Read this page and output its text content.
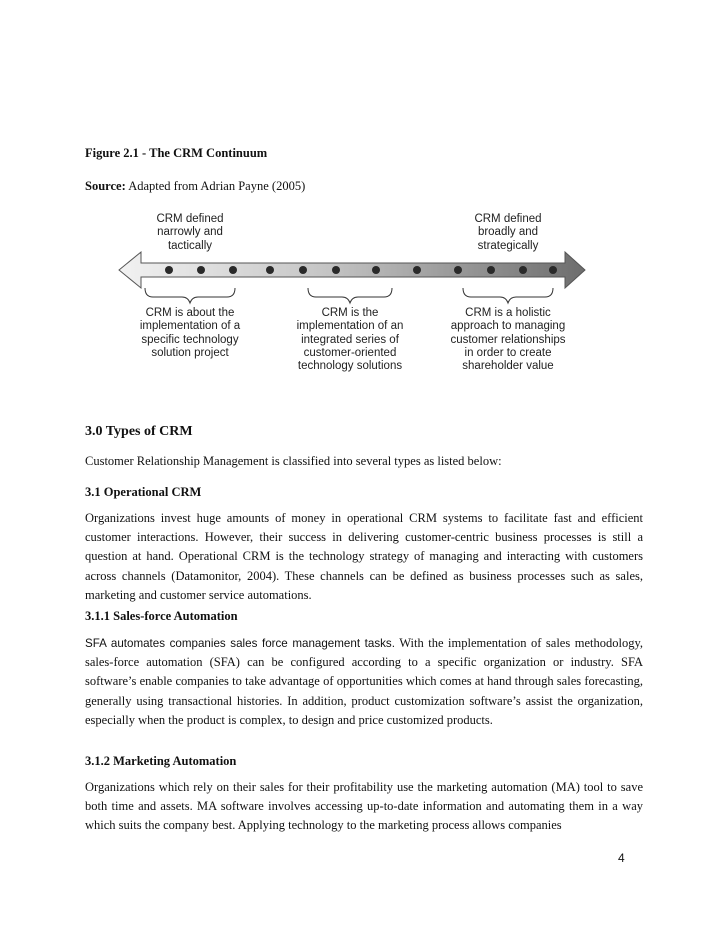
Figure 2.1 - The CRM Continuum
Source: Adapted from Adrian Payne (2005)
CRM defined
narrowly and
tactically
CRM defined
broadly and
strategically
CRM is about the
implementation of a
specific technology
solution project
CRM is the
implementation of an
integrated series of
customer-oriented
technology solutions
CRM is a holistic
approach to managing
customer relationships
in order to create
shareholder value
3.0 Types of CRM

Customer Relationship Management is classified into several types as listed below:

3.1 Operational CRM

Organizations invest huge amounts of money in operational CRM systems to facilitate fast and efficient customer interactions. However, their success in delivering customer-centric business processes is still a question at hand. Operational CRM is the technology strategy of managing and interacting with customers across channels (Datamonitor, 2004). These channels can be defined as business processes such as sales, marketing and customer service automations.

3.1.1 Sales-force Automation

SFA automates companies sales force management tasks. With the implementation of sales methodology, sales-force automation (SFA) can be configured according to a specific organization or industry. SFA software’s enable companies to take advantage of opportunities which comes at hand through sales forecasting, generally using transactional histories. In addition, product customization software’s assist the organization, especially when the product is complex, to design and price customized products.

3.1.2 Marketing Automation

Organizations which rely on their sales for their profitability use the marketing automation (MA) tool to save both time and assets. MA software involves accessing up-to-date information and automating them in a way which suits the company best. Applying technology to the marketing process allows companies

4
